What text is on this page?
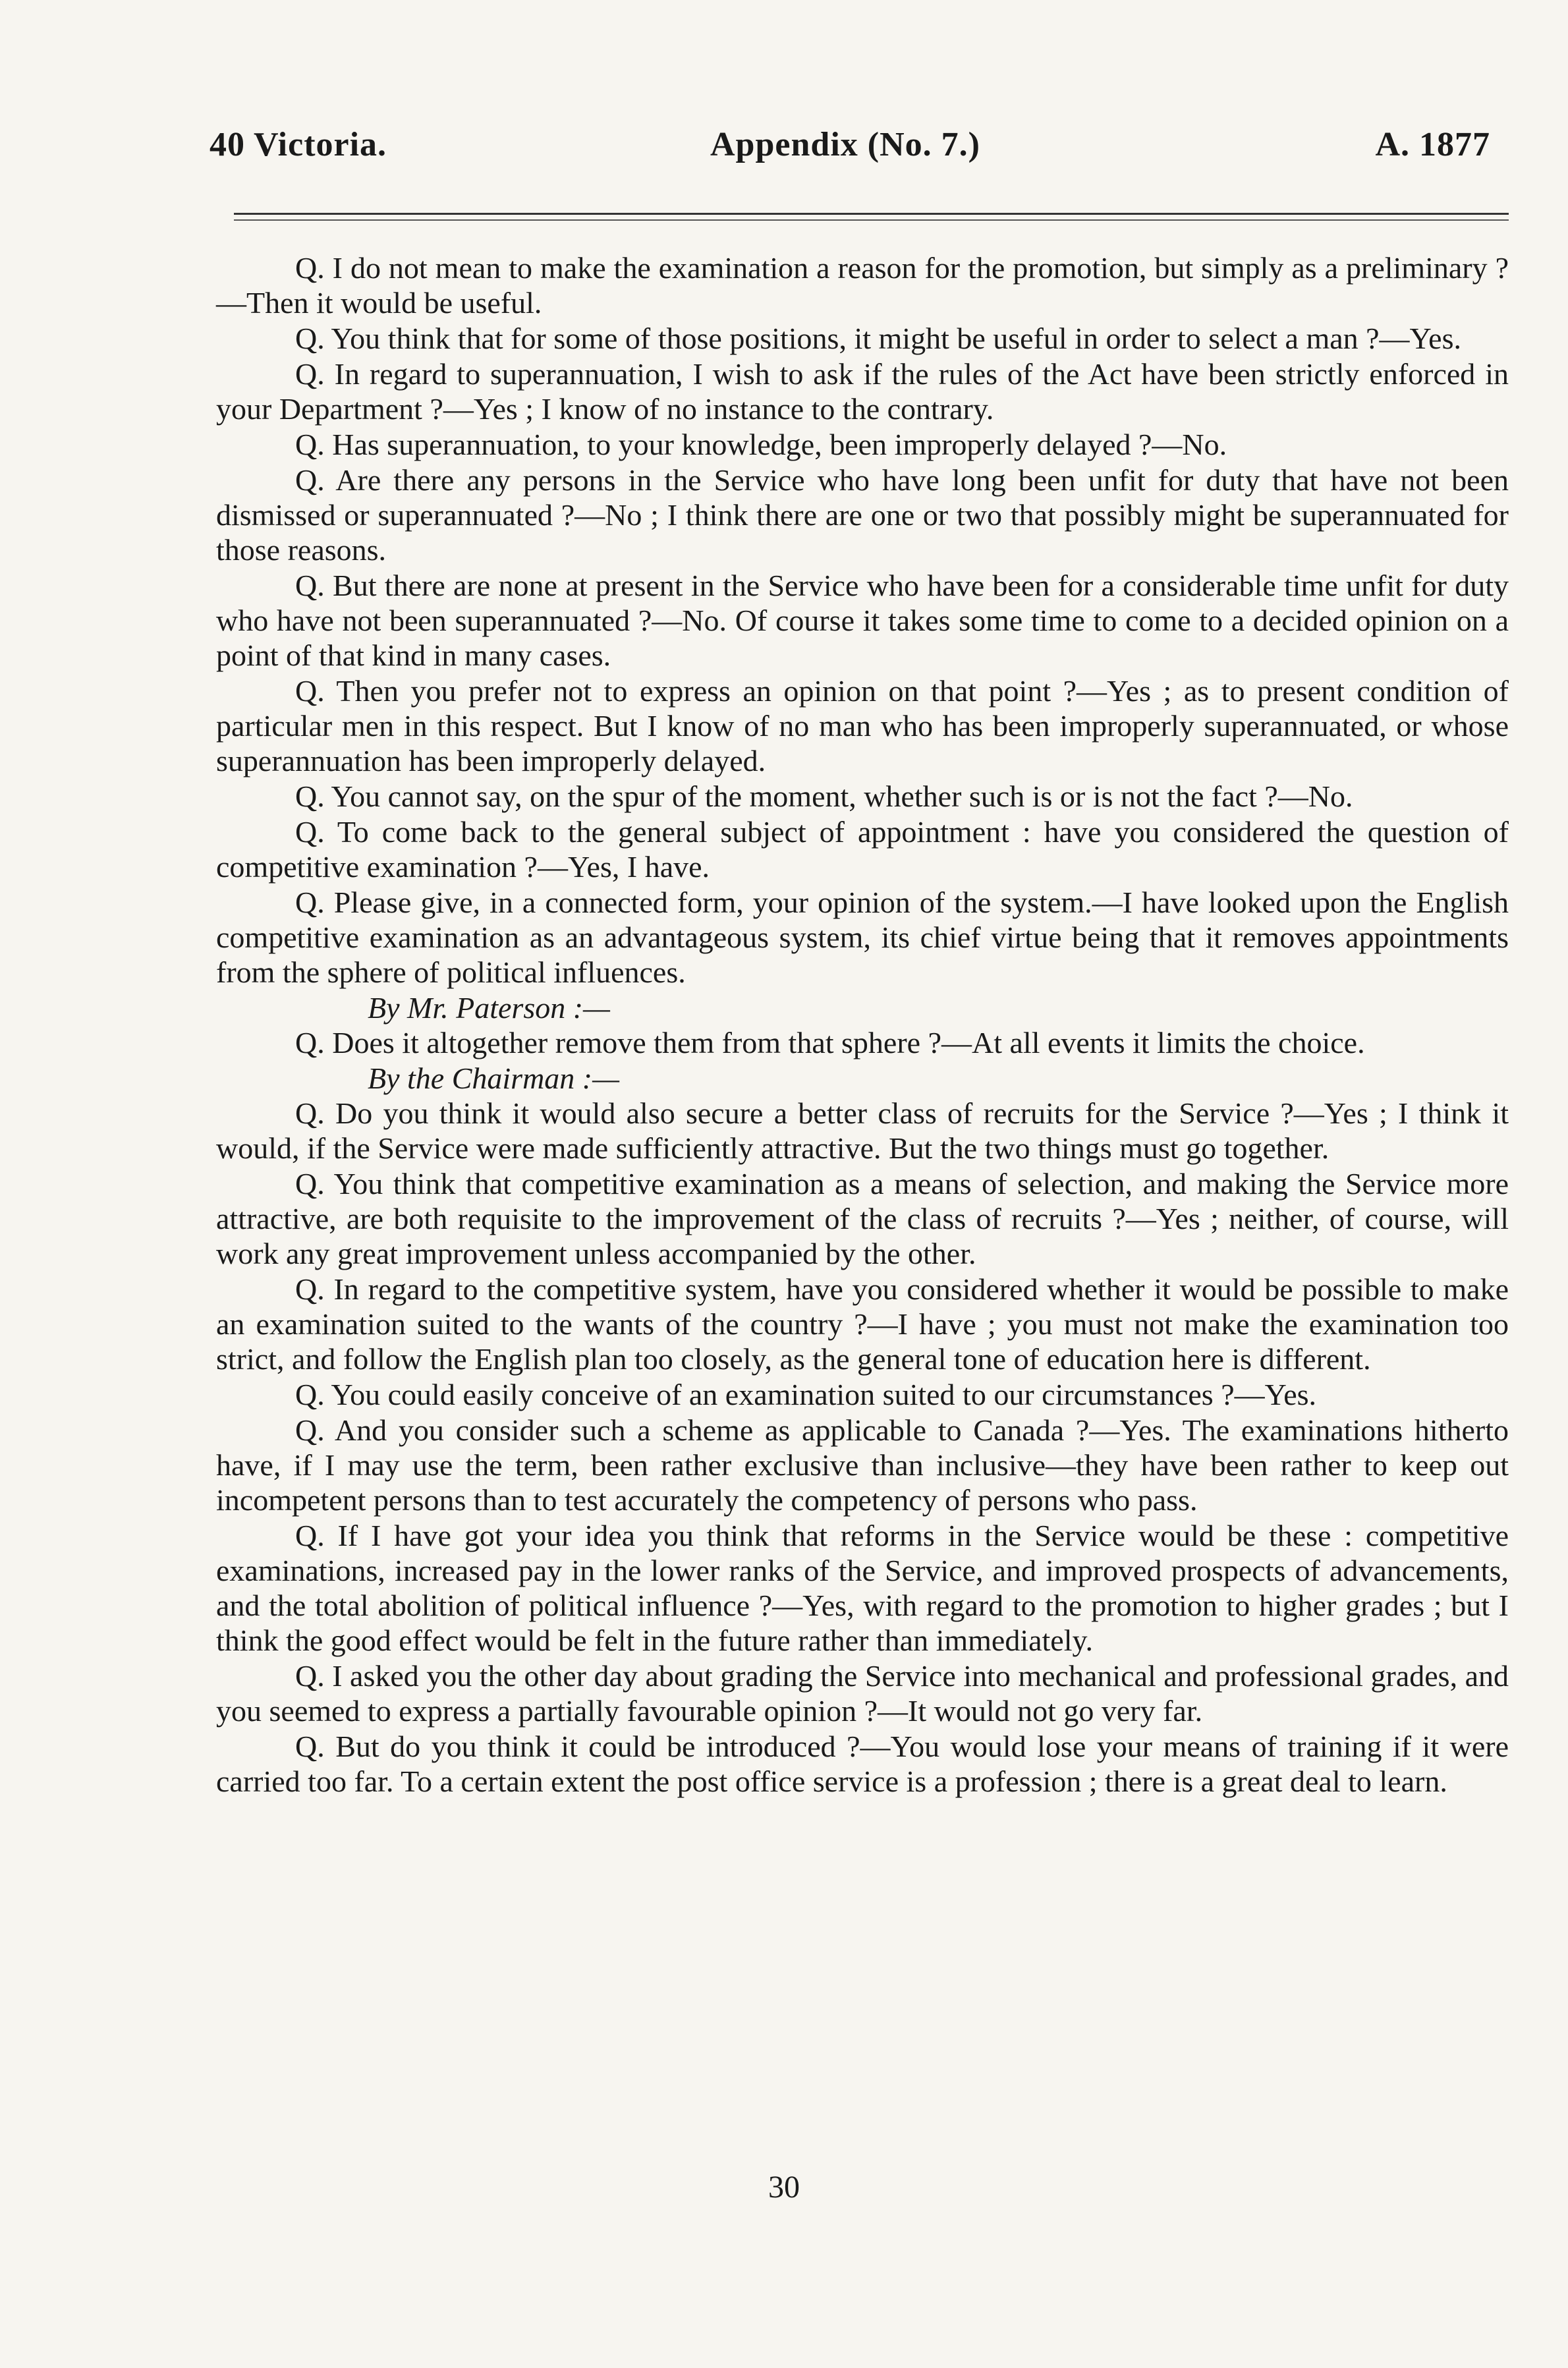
40 Victoria.	Appendix (No. 7.)	A. 1877

Q. I do not mean to make the examination a reason for the promotion, but simply as a preliminary ?—Then it would be useful.

Q. You think that for some of those positions, it might be useful in order to select a man ?—Yes.

Q. In regard to superannuation, I wish to ask if the rules of the Act have been strictly enforced in your Department ?—Yes ; I know of no instance to the contrary.

Q. Has superannuation, to your knowledge, been improperly delayed ?—No.

Q. Are there any persons in the Service who have long been unfit for duty that have not been dismissed or superannuated ?—No ; I think there are one or two that possibly might be superannuated for those reasons.

Q. But there are none at present in the Service who have been for a considerable time unfit for duty who have not been superannuated ?—No. Of course it takes some time to come to a decided opinion on a point of that kind in many cases.

Q. Then you prefer not to express an opinion on that point ?—Yes ; as to present condition of particular men in this respect. But I know of no man who has been improperly superannuated, or whose superannuation has been improperly delayed.

Q. You cannot say, on the spur of the moment, whether such is or is not the fact ?—No.

Q. To come back to the general subject of appointment : have you considered the question of competitive examination ?—Yes, I have.

Q. Please give, in a connected form, your opinion of the system.—I have looked upon the English competitive examination as an advantageous system, its chief virtue being that it removes appointments from the sphere of political influences.

By Mr. Paterson :—

Q. Does it altogether remove them from that sphere ?—At all events it limits the choice.

By the Chairman :—

Q. Do you think it would also secure a better class of recruits for the Service ?—Yes ; I think it would, if the Service were made sufficiently attractive. But the two things must go together.

Q. You think that competitive examination as a means of selection, and making the Service more attractive, are both requisite to the improvement of the class of recruits ?—Yes ; neither, of course, will work any great improvement unless accompanied by the other.

Q. In regard to the competitive system, have you considered whether it would be possible to make an examination suited to the wants of the country ?—I have ; you must not make the examination too strict, and follow the English plan too closely, as the general tone of education here is different.

Q. You could easily conceive of an examination suited to our circumstances ?—Yes.

Q. And you consider such a scheme as applicable to Canada ?—Yes. The examinations hitherto have, if I may use the term, been rather exclusive than inclusive—they have been rather to keep out incompetent persons than to test accurately the competency of persons who pass.

Q. If I have got your idea you think that reforms in the Service would be these : competitive examinations, increased pay in the lower ranks of the Service, and improved prospects of advancements, and the total abolition of political influence ?—Yes, with regard to the promotion to higher grades ; but I think the good effect would be felt in the future rather than immediately.

Q. I asked you the other day about grading the Service into mechanical and professional grades, and you seemed to express a partially favourable opinion ?—It would not go very far.

Q. But do you think it could be introduced ?—You would lose your means of training if it were carried too far. To a certain extent the post office service is a profession ; there is a great deal to learn.

30
